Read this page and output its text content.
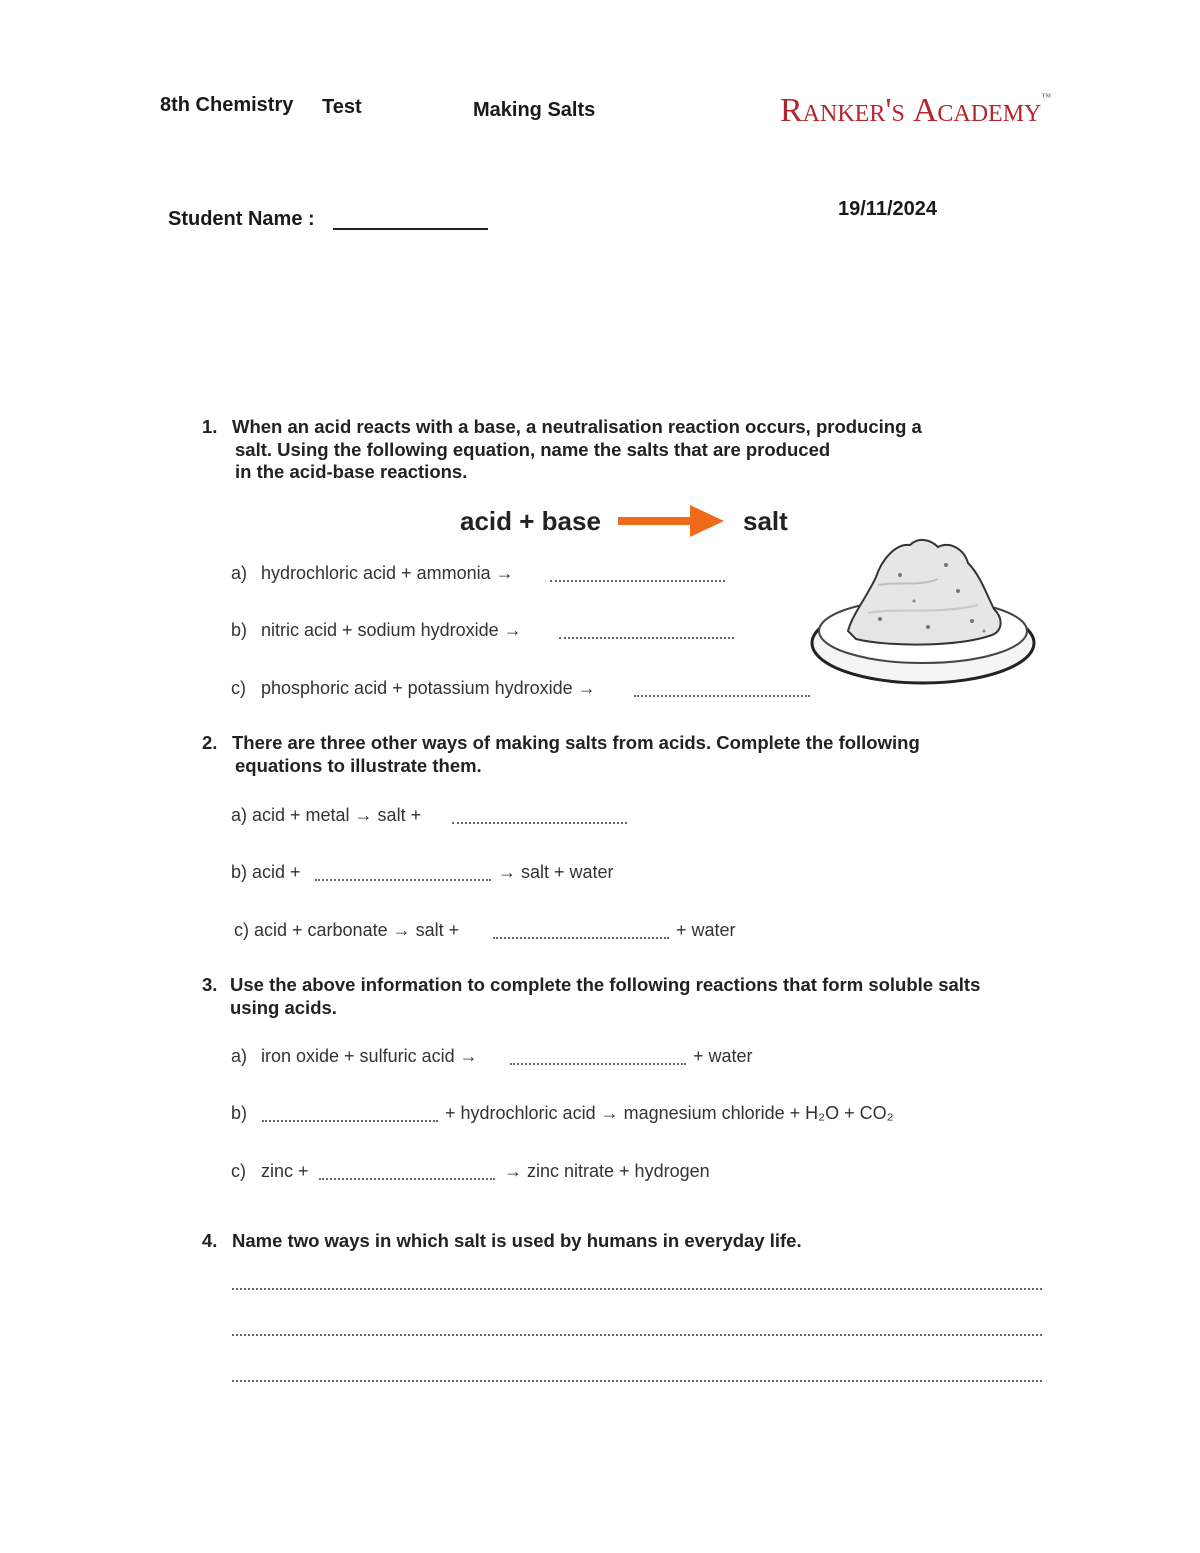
8th Chemistry Test	Making Salts	Ranker's Academy™
Student Name :	19/11/2024
1. When an acid reacts with a base, a neutralisation reaction occurs, producing a
salt. Using the following equation, name the salts that are produced
in the acid-base reactions.
acid + base	salt
a) hydrochloric acid + ammonia →
b) nitric acid + sodium hydroxide →
c) phosphoric acid + potassium hydroxide →
2. There are three other ways of making salts from acids. Complete the following
equations to illustrate them.
a) acid + metal → salt +
b) acid +	→ salt + water
c) acid + carbonate → salt +	+ water
3. Use the above information to complete the following reactions that form soluble salts
using acids.
a) iron oxide + sulfuric acid →	+ water
b)	+ hydrochloric acid → magnesium chloride + H₂O + CO₂
c) zinc +	→ zinc nitrate + hydrogen
4. Name two ways in which salt is used by humans in everyday life.
